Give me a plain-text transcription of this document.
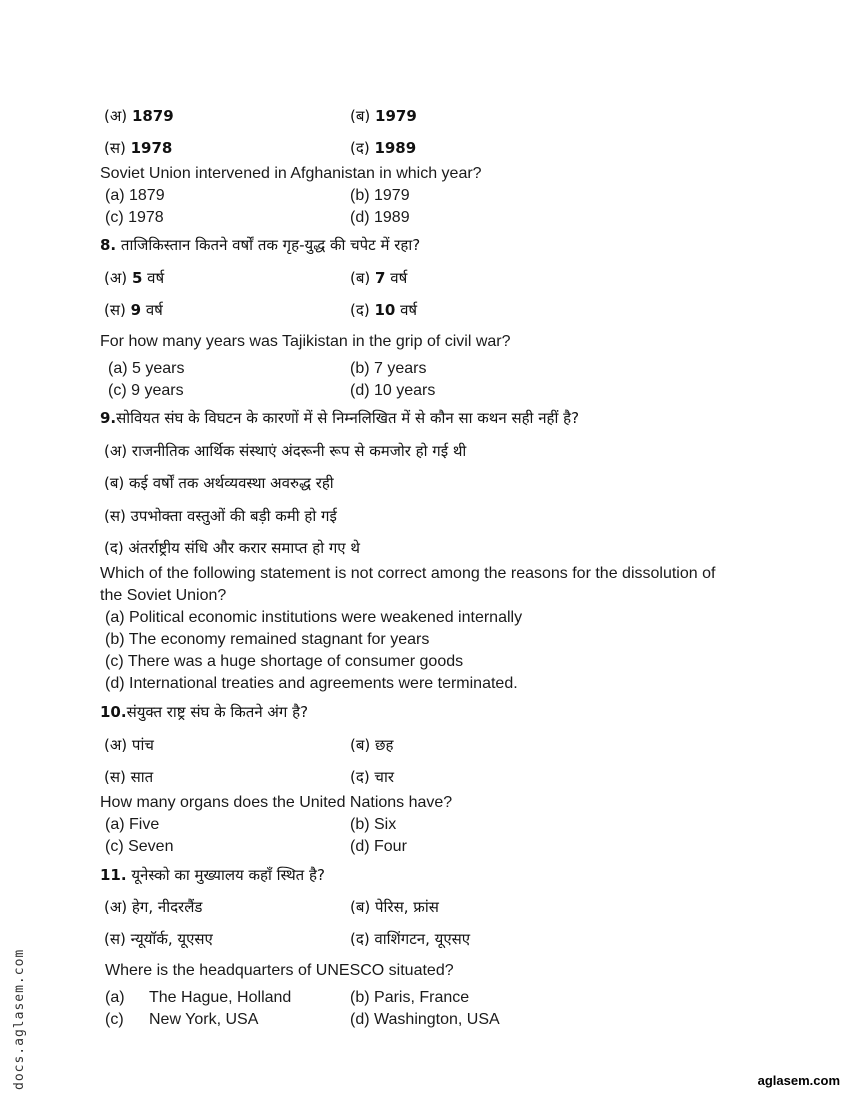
(अ) 1879	(ब) 1979
(स) 1978	(द) 1989
Soviet Union intervened in Afghanistan in which year?
(a) 1879	(b) 1979
(c) 1978	(d) 1989
8. ताजिकिस्तान कितने वर्षों तक गृह-युद्ध की चपेट में रहा?
(अ) 5 वर्ष	(ब) 7 वर्ष
(स) 9 वर्ष	(द) 10 वर्ष
For how many years was Tajikistan in the grip of civil war?
(a) 5 years	(b) 7 years
(c) 9 years	(d) 10 years
9.सोवियत संघ के विघटन के कारणों में से निम्नलिखित में से कौन सा कथन सही नहीं है?
(अ) राजनीतिक आर्थिक संस्थाएं अंदरूनी रूप से कमजोर हो गई थी
(ब) कई वर्षों तक अर्थव्यवस्था अवरुद्ध रही
(स) उपभोक्ता वस्तुओं की बड़ी कमी हो गई
(द) अंतर्राष्ट्रीय संधि और करार समाप्त हो गए थे
Which of the following statement is not correct among the reasons for the dissolution of
the Soviet Union?
(a) Political economic institutions were weakened internally
(b) The economy remained stagnant for years
(c) There was a huge shortage of consumer goods
(d) International treaties and agreements were terminated.
10.संयुक्त राष्ट्र संघ के कितने अंग है?
(अ) पांच	(ब) छह
(स) सात	(द) चार
How many organs does the United Nations have?
(a) Five	(b) Six
(c) Seven	(d) Four
11. यूनेस्को का मुख्यालय कहाँ स्थित है?
(अ) हेग, नीदरलैंड	(ब) पेरिस, फ्रांस
(स) न्यूयॉर्क, यूएसए	(द) वाशिंगटन, यूएसए
Where is the headquarters of UNESCO situated?
(a) The Hague, Holland	(b) Paris, France
(c) New York, USA	(d) Washington, USA
docs.aglasem.com	aglasem.com
